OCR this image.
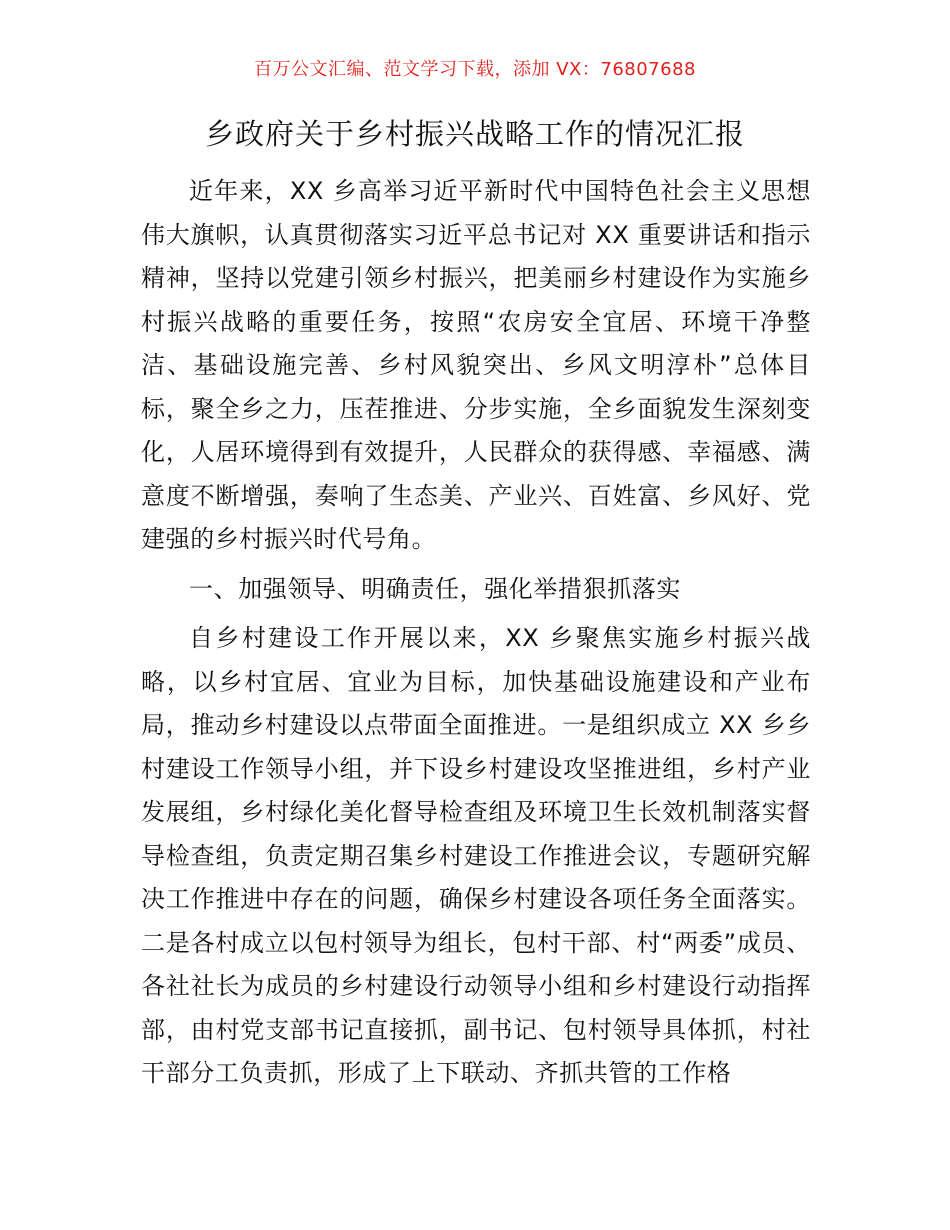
百万公文汇编、范文学习下载，添加 VX：76807688
乡政府关于乡村振兴战略工作的情况汇报

近年来，XX 乡高举习近平新时代中国特色社会主义思想伟大旗帜，认真贯彻落实习近平总书记对 XX 重要讲话和指示精神，坚持以党建引领乡村振兴，把美丽乡村建设作为实施乡村振兴战略的重要任务，按照“农房安全宜居、环境干净整洁、基础设施完善、乡村风貌突出、乡风文明淳朴”总体目标，聚全乡之力，压茬推进、分步实施，全乡面貌发生深刻变化，人居环境得到有效提升，人民群众的获得感、幸福感、满意度不断增强，奏响了生态美、产业兴、百姓富、乡风好、党建强的乡村振兴时代号角。

一、加强领导、明确责任，强化举措狠抓落实

自乡村建设工作开展以来，XX 乡聚焦实施乡村振兴战略，以乡村宜居、宜业为目标，加快基础设施建设和产业布局，推动乡村建设以点带面全面推进。一是组织成立 XX 乡乡村建设工作领导小组，并下设乡村建设攻坚推进组，乡村产业发展组，乡村绿化美化督导检查组及环境卫生长效机制落实督导检查组，负责定期召集乡村建设工作推进会议，专题研究解决工作推进中存在的问题，确保乡村建设各项任务全面落实。二是各村成立以包村领导为组长，包村干部、村“两委”成员、各社社长为成员的乡村建设行动领导小组和乡村建设行动指挥部，由村党支部书记直接抓，副书记、包村领导具体抓，村社干部分工负责抓，形成了上下联动、齐抓共管的工作格
